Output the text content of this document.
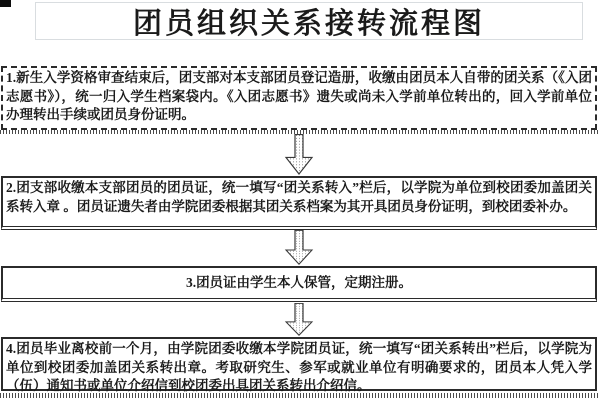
团员组织关系接转流程图
1.新生入学资格审查结束后，团支部对本支部团员登记造册，收缴由团员本人自带的团关系（《入团志愿书》），统一归入学生档案袋内。《入团志愿书》遗失或尚未入学前单位转出的，回入学前单位办理转出手续或团员身份证明。
2.团支部收缴本支部团员的团员证，统一填写“团关系转入”栏后，以学院为单位到校团委加盖团关系转入章 。团员证遗失者由学院团委根据其团关系档案为其开具团员身份证明，到校团委补办。
3.团员证由学生本人保管，定期注册。
4.团员毕业离校前一个月，由学院团委收缴本学院团员证，统一填写“团关系转出”栏后，以学院为单位到校团委加盖团关系转出章。考取研究生、参军或就业单位有明确要求的，团员本人凭入学（伍）通知书或单位介绍信到校团委出具团关系转出介绍信。
